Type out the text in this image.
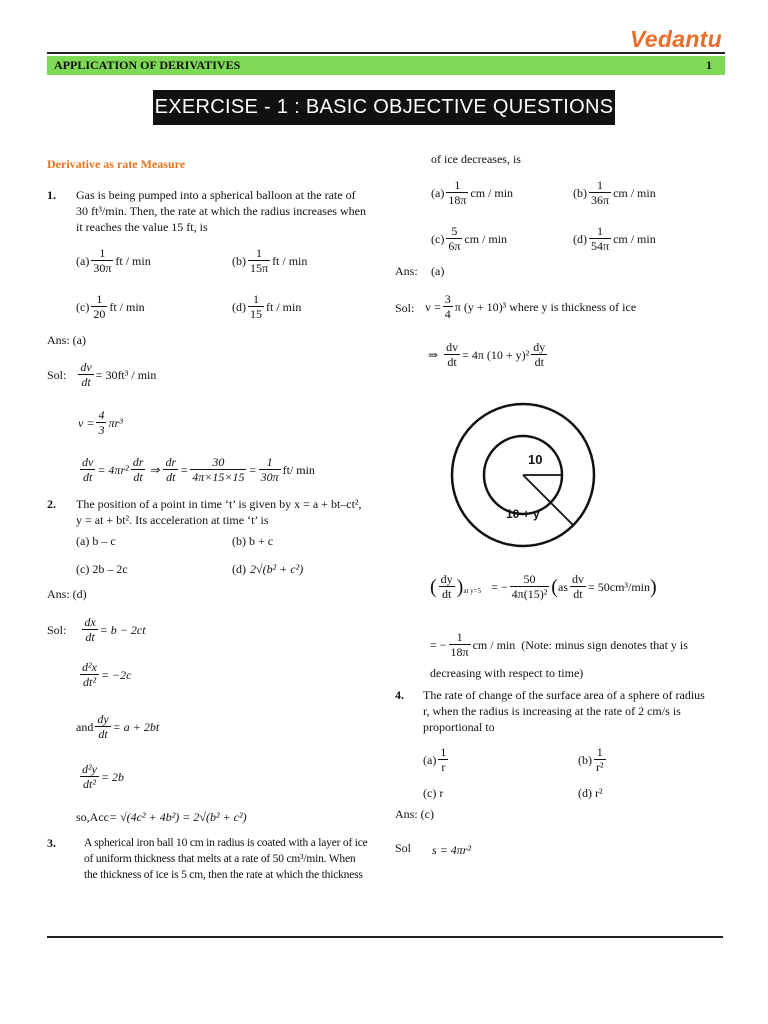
Vedantu
APPLICATION OF DERIVATIVES	1
EXERCISE - 1 : BASIC OBJECTIVE QUESTIONS
Derivative as rate Measure
1. Gas is being pumped into a spherical balloon at the rate of
30 ft³/min. Then, the rate at which the radius increases when
it reaches the value 15 ft, is
$(a) \frac{1}{30\pi}$ ft / min	$(b) \frac{1}{15\pi}$ ft / min
$(c) \frac{1}{20}$ ft / min	$(d) \frac{1}{15}$ ft / min
Ans: (a)
Sol: $\frac{dv}{dt} = 30ft^3 / \min$
$v = \frac{4}{3} \pi r^3$
$\frac{dv}{dt} = 4\pi r^2 \frac{dr}{dt}$ ⇒ $\frac{dr}{dt} = \frac{30}{4\pi\times 15\times 15} = \frac{1}{30\pi} ft/$ min
2. The position of a point in time ‘t’ is given by x = a + bt–ct²,
y = at + bt². Its acceleration at time ‘t’ is
(a) b – c	(b) b + c
(c) 2b – 2c	(d) 2√(b² + c²)
Ans: (d)
Sol: $\frac{dx}{dt} = b - 2ct$
$\frac{\text{d²x}}{\text{dt²}} = -2c$
and $\frac{dy}{dt} = a + 2bt$
$\frac{\text{d²y}}{\text{dt²}} = 2b$
so,Acc = √(4c² + 4b²) = 2√(b² + c²)
3. A spherical iron ball 10 cm in radius is coated with a layer of ice
of uniform thickness that melts at a rate of 50 cm³/min. When
the thickness of ice is 5 cm, then the rate at which the thickness
of ice decreases, is
$(a) \frac{1}{18\pi}$ cm / min	$(b) \frac{1}{36\pi}$ cm / min
$(c) \frac{5}{6\pi}$ cm / min	$(d) \frac{1}{54\pi}$ cm / min
Ans: (a)
Sol: $v = \frac{3}{4}$ π (y + 10)³ where y is thickness of ice
⇒ $\frac{dv}{dt} = 4\pi$ $(10 + y)^2 \frac{dy}{dt}$
10
10 + y
( $\frac{dy}{dt}$ ) at y=5 = − $\frac{50}{\text{4π(15)²}}$ ( as $\frac{dv}{dt} = 50cm^3/\min$ )
= − $\frac{1}{18\pi}$ cm / min (Note: minus sign denotes that y is
decreasing with respect to time)
4. The rate of change of the surface area of a sphere of radius
r, when the radius is increasing at the rate of 2 cm/s is
proportional to
$(a) \frac{1}{r}$	$(b) \frac{1}{\text{r²}}$
(c) r	(d) r²
Ans: (c)
Sol s = 4πr²
